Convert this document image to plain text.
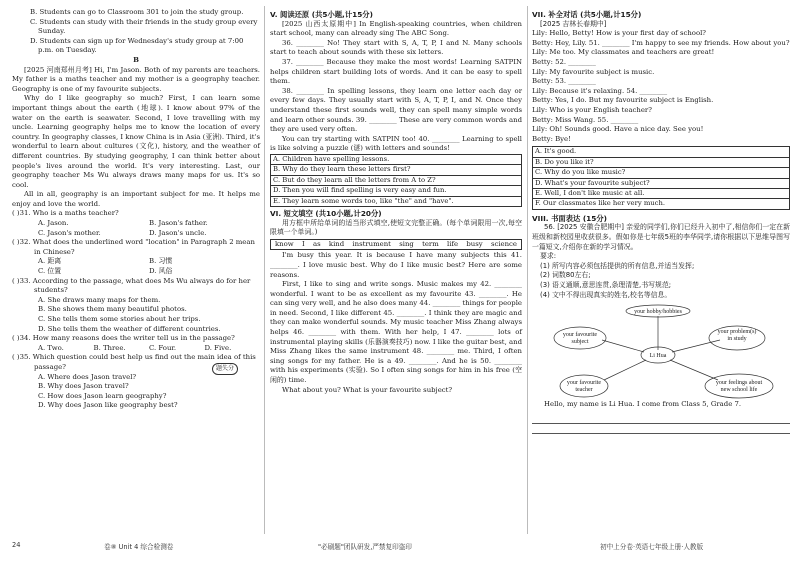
B. Students can go to Classroom 301 to join the study group.
C. Students can study with their friends in the study group every Sunday.
D. Students can sign up for Wednesday's study group at 7:00 p.m. on Tuesday.
B
[2025 河南郑州月考] Hi, I'm Jason. Both of my parents are teachers. My father is a maths teacher and my mother is a geography teacher. Geography is one of my favourite subjects.
Why do I like geography so much? First, I can learn some important things about the earth (地球). I know about 97% of the water on the earth is seawater. Second, I love travelling with my uncle. Learning geography helps me to know the location of every country. In geography classes, I know China is in Asia (亚洲). Third, it's wonderful to learn about cultures (文化), history, and the weather of different countries. By studying geography, I can think better about people's lives around the world. It's very interesting. Last, our geography teacher Ms Wu always draws many maps for us. It's so cool.
All in all, geography is an important subject for me. It helps me enjoy and love the world.
( )31. Who is a maths teacher?
A. Jason.	B. Jason's father.
C. Jason's mother.	D. Jason's uncle.
( )32. What does the underlined word "location" in Paragraph 2 mean in Chinese?
A. 距离	B. 习惯
C. 位置	D. 风俗
( )33. According to the passage, what does Ms Wu always do for her students?
A. She draws many maps for them.
B. She shows them many beautiful photos.
C. She tells them some stories about her trips.
D. She tells them the weather of different countries.
( )34. How many reasons does the writer tell us in the passage?
A. Two.	B. Three.	C. Four.	D. Five.
( )35. Which question could best help us find out the main idea of this passage?
A. Where does Jason travel?
B. Why does Jason travel?
C. How does Jason learn geography?
D. Why does Jason like geography best?
题失分
V. 阅读还原 (共5小题,计15分)
[2025 山西太原期中] In English-speaking countries, when children start school, many can already sing The ABC Song.
36. ________ No! They start with S, A, T, P, I and N. Many schools start to teach about sounds with these six letters.
37. ________ Because they make the most words! Learning SATPIN helps children start building lots of words. And it can be easy to spell them.
38. ________ In spelling lessons, they learn one letter each day or every few days. They usually start with S, A, T, P, I, and N. Once they understand these first sounds well, they can spell many simple words and learn other sounds. 39. ________ These are very common words and they are used very often.
You can try starting with SATPIN too! 40. ________ Learning to spell is like solving a puzzle (谜) with letters and sounds!
A. Children have spelling lessons.
B. Why do they learn these letters first?
C. But do they learn all the letters from A to Z?
D. Then you will find spelling is very easy and fun.
E. They learn some words too, like "the" and "have".
VI. 短文填空 (共10小题,计20分)
用方框中所给单词的适当形式填空,使短文完整正确。(每个单词限用一次,每空限填一个单词。)
know I as kind instrument sing term life busy science
I'm busy this year. It is because I have many subjects this 41. ________. I love music best. Why do I like music best? Here are some reasons.
First, I like to sing and write songs. Music makes my 42. ________ wonderful. I want to be as excellent as my favourite 43. ________. He can sing very well, and he also does many 44. ________ things for people in need. Second, I like different 45. ________. I think they are magic and they can make wonderful sounds. My music teacher Miss Zhang always helps 46. ________ with them. With her help, I 47. ________ lots of instrumental playing skills (乐器演奏技巧) now. I like the guitar best, and Miss Zhang likes the same instrument 48. ________ me. Third, I often sing songs for my father. He is a 49. ________. And he is 50. ________ with his experiments (实验). So I often sing songs for him in his free (空闲的) time.
What about you? What is your favourite subject?
VII. 补全对话 (共5小题,计15分)
[2025 吉林长春期中]
Lily: Hello, Betty! How is your first day of school?
Betty: Hey, Lily. 51. ________ I'm happy to see my friends. How about you?
Lily: Me too. My classmates and teachers are great!
Betty: 52. ________
Lily: My favourite subject is music.
Betty: 53. ________
Lily: Because it's relaxing. 54. ________
Betty: Yes, I do. But my favourite subject is English.
Lily: Who is your English teacher?
Betty: Miss Wang. 55. ________
Lily: Oh! Sounds good. Have a nice day. See you!
Betty: Bye!
A. It's good.
B. Do you like it?
C. Why do you like music?
D. What's your favourite subject?
E. Well, I don't like music at all.
F. Our classmates like her very much.
VIII. 书面表达 (15分)
56. [2025 安徽合肥期中] 亲爱的同学们,你们已经升入初中了,相信你们一定在新班级和新校园里收获很多。假如你是七年级5班的李华同学,请你根据以下思维导图写一篇短文,介绍你在新的学习情况。
要求:
(1) 所写内容必须包括提供的所有信息,并适当发挥;
(2) 词数80左右;
(3) 语义通顺,意思连贯,条理清楚,书写规范;
(4) 文中不得出现真实的姓名,校名等信息。
Li Hua
your hobby/hobbies
your favourite
subject
your problem(s)
in study
your favourite
teacher
your feelings about
new school life
Hello, my name is Li Hua. I come from Class 5, Grade 7.
24	卷⑧ Unit 4 综合检测卷	"必刷题"团队研发,严禁复印盗印	初中上分卷·英语七年级上册·人教版
